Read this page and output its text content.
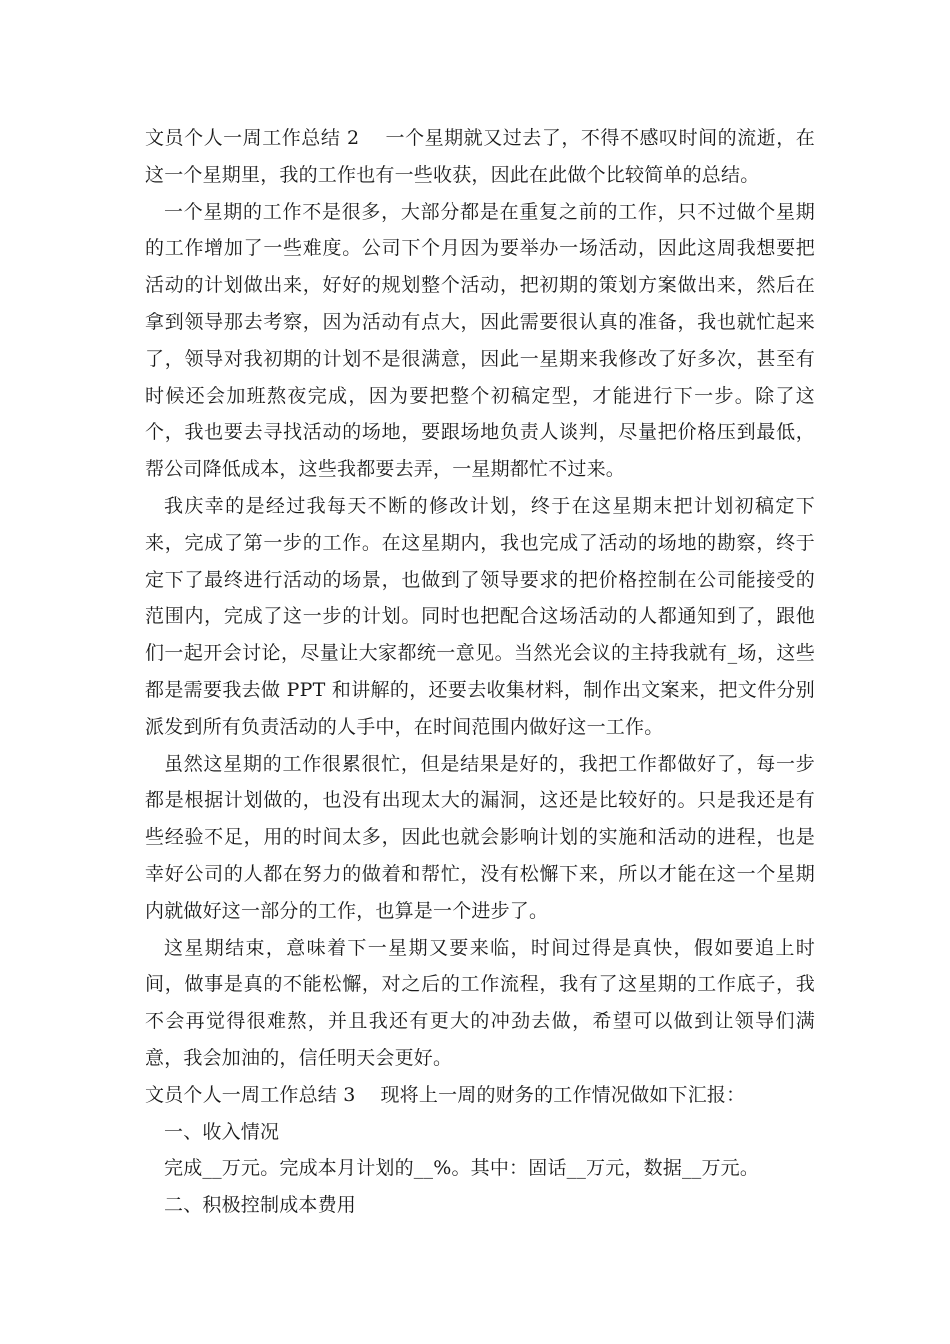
文员个人一周工作总结 2    一个星期就又过去了，不得不感叹时间的流逝，在这一个星期里，我的工作也有一些收获，因此在此做个比较简单的总结。

一个星期的工作不是很多，大部分都是在重复之前的工作，只不过做个星期的工作增加了一些难度。公司下个月因为要举办一场活动，因此这周我想要把活动的计划做出来，好好的规划整个活动，把初期的策划方案做出来，然后在拿到领导那去考察，因为活动有点大，因此需要很认真的准备，我也就忙起来了，领导对我初期的计划不是很满意，因此一星期来我修改了好多次，甚至有时候还会加班熬夜完成，因为要把整个初稿定型，才能进行下一步。除了这个，我也要去寻找活动的场地，要跟场地负责人谈判，尽量把价格压到最低，帮公司降低成本，这些我都要去弄，一星期都忙不过来。

我庆幸的是经过我每天不断的修改计划，终于在这星期末把计划初稿定下来，完成了第一步的工作。在这星期内，我也完成了活动的场地的勘察，终于定下了最终进行活动的场景，也做到了领导要求的把价格控制在公司能接受的范围内，完成了这一步的计划。同时也把配合这场活动的人都通知到了，跟他们一起开会讨论，尽量让大家都统一意见。当然光会议的主持我就有_场，这些都是需要我去做 PPT 和讲解的，还要去收集材料，制作出文案来，把文件分别派发到所有负责活动的人手中，在时间范围内做好这一工作。

虽然这星期的工作很累很忙，但是结果是好的，我把工作都做好了，每一步都是根据计划做的，也没有出现太大的漏洞，这还是比较好的。只是我还是有些经验不足，用的时间太多，因此也就会影响计划的实施和活动的进程，也是幸好公司的人都在努力的做着和帮忙，没有松懈下来，所以才能在这一个星期内就做好这一部分的工作，也算是一个进步了。

这星期结束，意味着下一星期又要来临，时间过得是真快，假如要追上时间，做事是真的不能松懈，对之后的工作流程，我有了这星期的工作底子，我不会再觉得很难熬，并且我还有更大的冲劲去做，希望可以做到让领导们满意，我会加油的，信任明天会更好。

文员个人一周工作总结 3    现将上一周的财务的工作情况做如下汇报：

一、收入情况

完成__万元。完成本月计划的__%。其中：固话__万元，数据__万元。

二、积极控制成本费用
